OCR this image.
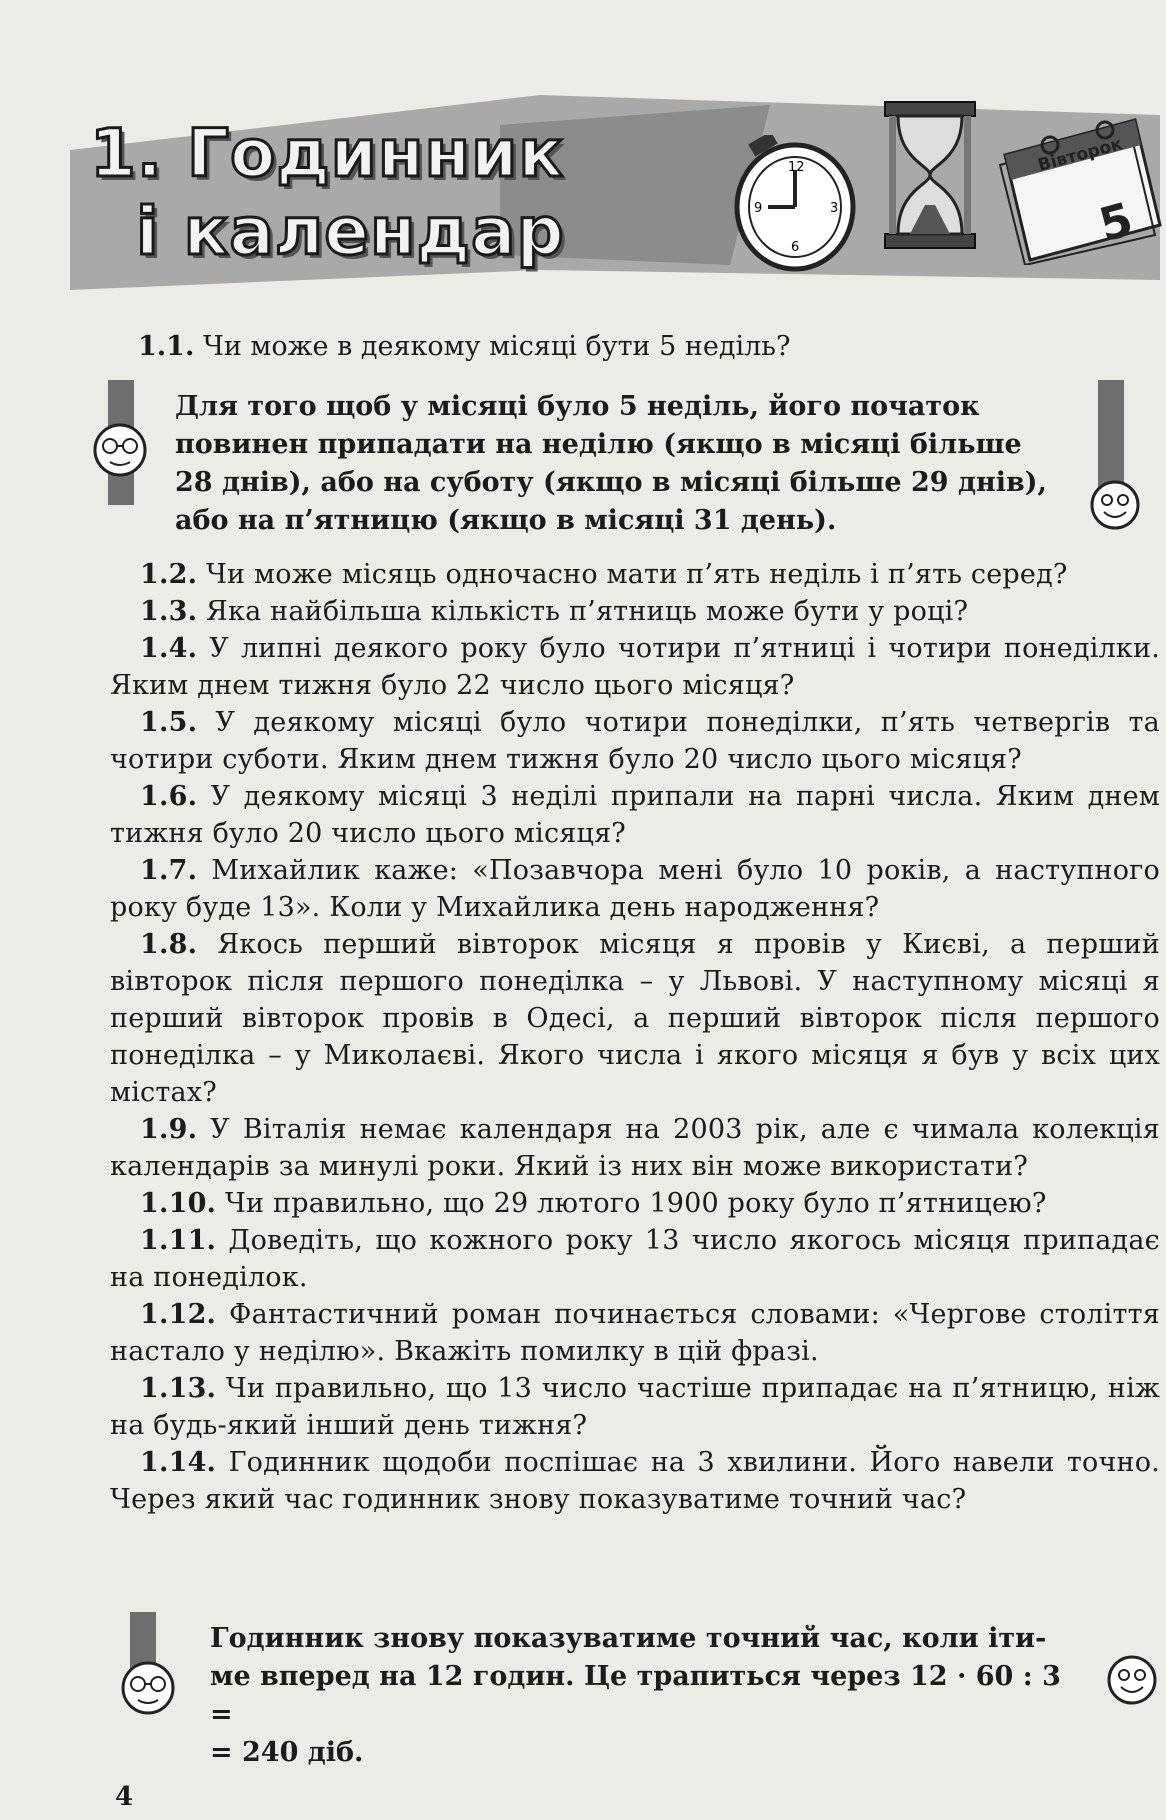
1. Годинник
і календар
12
3
6
9
Вівторок
5
1.1. Чи може в деякому місяці бути 5 неділь?
Для того щоб у місяці було 5 неділь, його початок
повинен припадати на неділю (якщо в місяці більше
28 днів), або на суботу (якщо в місяці більше 29 днів),
або на п’ятницю (якщо в місяці 31 день).

1.2. Чи може місяць одночасно мати п’ять неділь і п’ять серед?

1.3. Яка найбільша кількість п’ятниць може бути у році?

1.4. У липні деякого року було чотири п’ятниці і чотири понеділки. Яким днем тижня було 22 число цього місяця?

1.5. У деякому місяці було чотири понеділки, п’ять четвергів та чотири суботи. Яким днем тижня було 20 число цього місяця?

1.6. У деякому місяці 3 неділі припали на парні числа. Яким днем тижня було 20 число цього місяця?

1.7. Михайлик каже: «Позавчора мені було 10 років, а наступного року буде 13». Коли у Михайлика день народження?

1.8. Якось перший вівторок місяця я провів у Києві, а перший вівторок після першого понеділка – у Львові. У наступному місяці я перший вівторок провів в Одесі, а перший вівторок після першого понеділка – у Миколаєві. Якого числа і якого місяця я був у всіх цих містах?

1.9. У Віталія немає календаря на 2003 рік, але є чимала колекція календарів за минулі роки. Який із них він може використати?

1.10. Чи правильно, що 29 лютого 1900 року було п’ятницею?

1.11. Доведіть, що кожного року 13 число якогось місяця припадає на понеділок.

1.12. Фантастичний роман починається словами: «Чергове століття настало у неділю». Вкажіть помилку в цій фразі.

1.13. Чи правильно, що 13 число частіше припадає на п’ятницю, ніж на будь-який інший день тижня?

1.14. Годинник щодоби поспішає на 3 хвилини. Його навели точно. Через який час годинник знову показуватиме точний час?

Годинник знову показуватиме точний час, коли іти-
ме вперед на 12 годин. Це трапиться через 12 · 60 : 3 =
= 240 діб.
4
